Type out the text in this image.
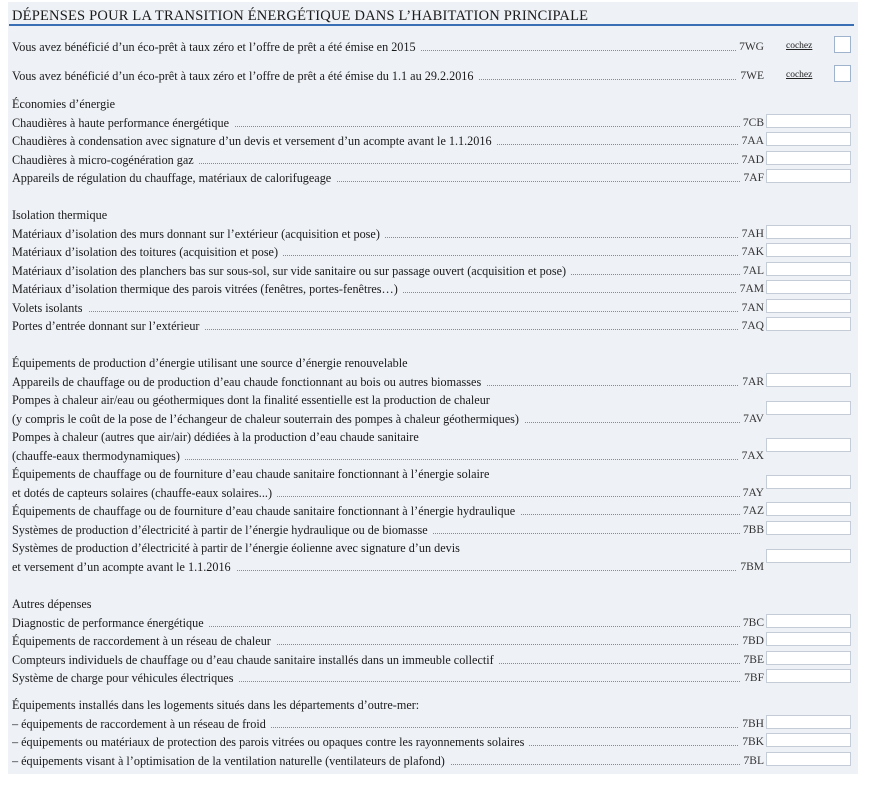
DÉPENSES POUR LA TRANSITION ÉNERGÉTIQUE DANS L’HABITATION PRINCIPALE
Vous avez bénéficié d’un éco-prêt à taux zéro et l’offre de prêt a été émise en 2015	7WG cochez
Vous avez bénéficié d’un éco-prêt à taux zéro et l’offre de prêt a été émise du 1.1 au 29.2.2016	7WE cochez
Économies d’énergie
Chaudières à haute performance énergétique	7CB
Chaudières à condensation avec signature d’un devis et versement d’un acompte avant le 1.1.2016	7AA
Chaudières à micro-cogénération gaz	7AD
Appareils de régulation du chauffage, matériaux de calorifugeage	7AF
Isolation thermique
Matériaux d’isolation des murs donnant sur l’extérieur (acquisition et pose)	7AH
Matériaux d’isolation des toitures (acquisition et pose)	7AK
Matériaux d’isolation des planchers bas sur sous-sol, sur vide sanitaire ou sur passage ouvert (acquisition et pose)	7AL
Matériaux d’isolation thermique des parois vitrées (fenêtres, portes-fenêtres…)	7AM
Volets isolants	7AN
Portes d’entrée donnant sur l’extérieur	7AQ
Équipements de production d’énergie utilisant une source d’énergie renouvelable
Appareils de chauffage ou de production d’eau chaude fonctionnant au bois ou autres biomasses	7AR
Pompes à chaleur air/eau ou géothermiques dont la finalité essentielle est la production de chaleur
(y compris le coût de la pose de l’échangeur de chaleur souterrain des pompes à chaleur géothermiques)	7AV
Pompes à chaleur (autres que air/air) dédiées à la production d’eau chaude sanitaire
(chauffe-eaux thermodynamiques)	7AX
Équipements de chauffage ou de fourniture d’eau chaude sanitaire fonctionnant à l’énergie solaire
et dotés de capteurs solaires (chauffe-eaux solaires...)	7AY
Équipements de chauffage ou de fourniture d’eau chaude sanitaire fonctionnant à l’énergie hydraulique	7AZ
Systèmes de production d’électricité à partir de l’énergie hydraulique ou de biomasse	7BB
Systèmes de production d’électricité à partir de l’énergie éolienne avec signature d’un devis
et versement d’un acompte avant le 1.1.2016	7BM
Autres dépenses
Diagnostic de performance énergétique	7BC
Équipements de raccordement à un réseau de chaleur	7BD
Compteurs individuels de chauffage ou d’eau chaude sanitaire installés dans un immeuble collectif	7BE
Système de charge pour véhicules électriques	7BF
Équipements installés dans les logements situés dans les départements d’outre-mer:
– équipements de raccordement à un réseau de froid	7BH
– équipements ou matériaux de protection des parois vitrées ou opaques contre les rayonnements solaires	7BK
– équipements visant à l’optimisation de la ventilation naturelle (ventilateurs de plafond)	7BL
